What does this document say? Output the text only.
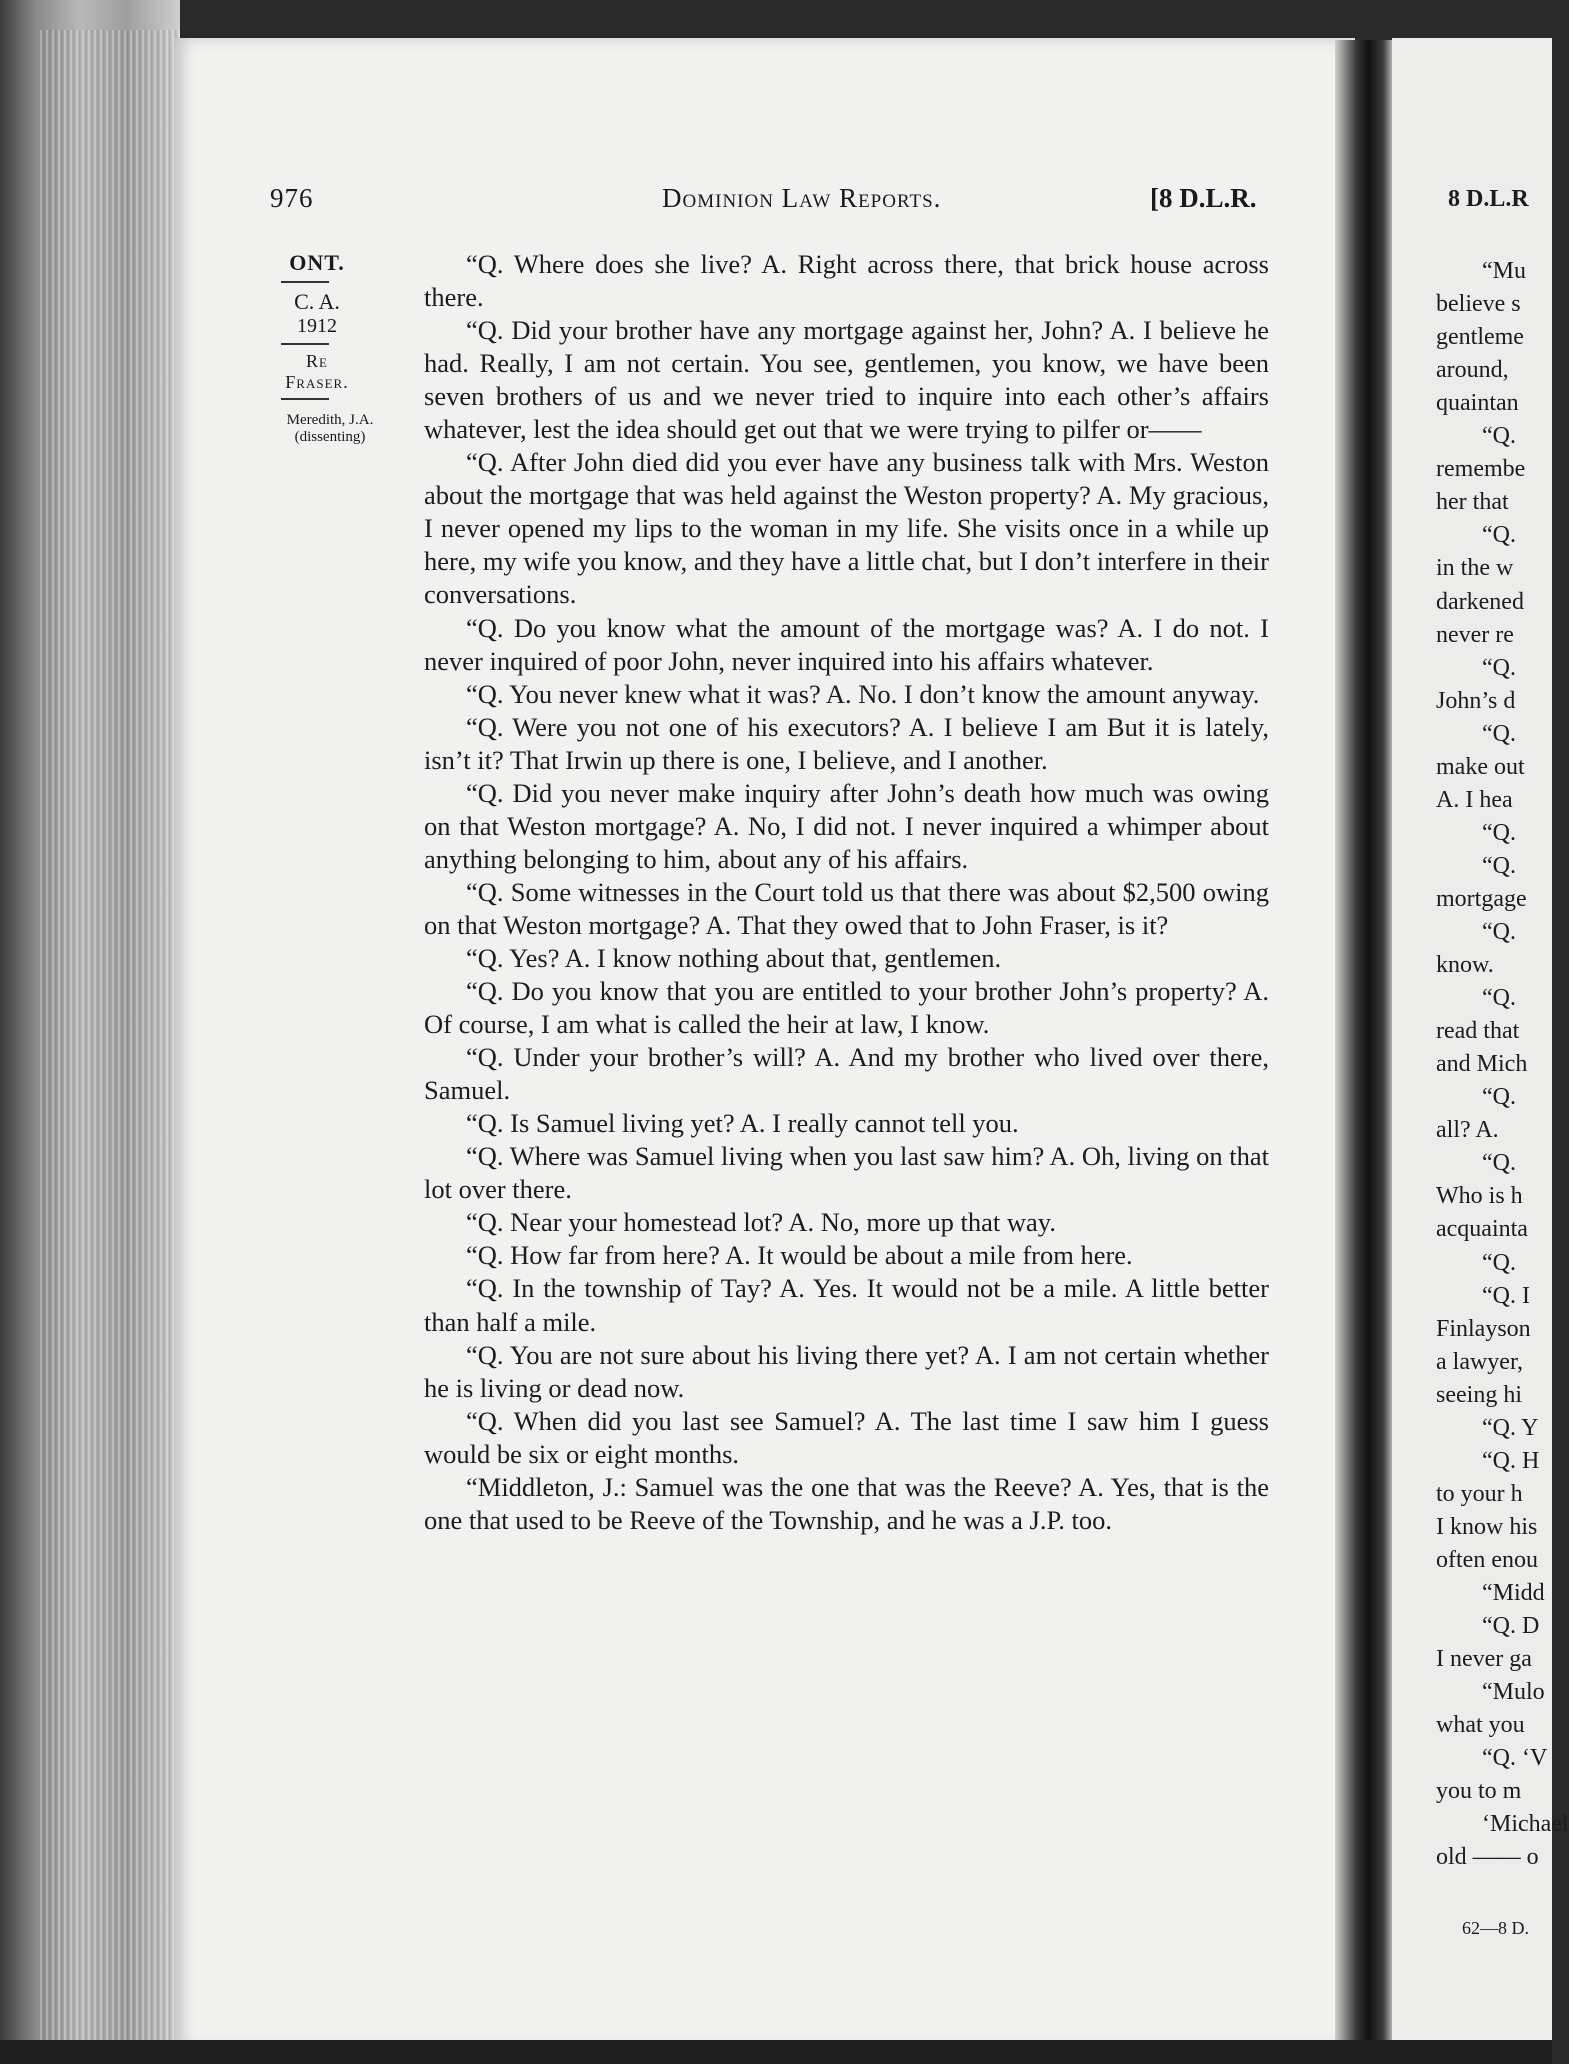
976	Dominion Law Reports.	[8 D.L.R.
ONT.
C. A.
1912
Re
Fraser.
Meredith, J.A.
(dissenting)

“Q. Where does she live? A. Right across there, that brick house across there.

“Q. Did your brother have any mortgage against her, John? A. I believe he had. Really, I am not certain. You see, gentlemen, you know, we have been seven brothers of us and we never tried to inquire into each other’s affairs whatever, lest the idea should get out that we were trying to pilfer or——

“Q. After John died did you ever have any business talk with Mrs. Weston about the mortgage that was held against the Weston property? A. My gracious, I never opened my lips to the woman in my life. She visits once in a while up here, my wife you know, and they have a little chat, but I don’t interfere in their conversations.

“Q. Do you know what the amount of the mortgage was? A. I do not. I never inquired of poor John, never inquired into his affairs whatever.

“Q. You never knew what it was? A. No. I don’t know the amount anyway.

“Q. Were you not one of his executors? A. I believe I am But it is lately, isn’t it? That Irwin up there is one, I believe, and I another.

“Q. Did you never make inquiry after John’s death how much was owing on that Weston mortgage? A. No, I did not. I never inquired a whimper about anything belonging to him, about any of his affairs.

“Q. Some witnesses in the Court told us that there was about $2,500 owing on that Weston mortgage? A. That they owed that to John Fraser, is it?

“Q. Yes? A. I know nothing about that, gentlemen.

“Q. Do you know that you are entitled to your brother John’s property? A. Of course, I am what is called the heir at law, I know.

“Q. Under your brother’s will? A. And my brother who lived over there, Samuel.

“Q. Is Samuel living yet? A. I really cannot tell you.

“Q. Where was Samuel living when you last saw him? A. Oh, living on that lot over there.

“Q. Near your homestead lot? A. No, more up that way.

“Q. How far from here? A. It would be about a mile from here.

“Q. In the township of Tay? A. Yes. It would not be a mile. A little better than half a mile.

“Q. You are not sure about his living there yet? A. I am not certain whether he is living or dead now.

“Q. When did you last see Samuel? A. The last time I saw him I guess would be six or eight months.

“Middleton, J.: Samuel was the one that was the Reeve? A. Yes, that is the one that used to be Reeve of the Township, and he was a J.P. too.

8 D.L.R
“Mu
believe s
gentleme
around,
quaintan
“Q.
remembe
her that
“Q.
in the w
darkened
never re
“Q.
John’s d
“Q.
make out
A. I hea
“Q.
“Q.
mortgage
“Q.
know.
“Q.
read that
and Mich
“Q.
all? A.
“Q.
Who is h
acquainta
“Q.
“Q. I
Finlayson
a lawyer,
seeing hi
“Q. Y
“Q. H
to your h
I know his
often enou
“Midd
“Q. D
I never ga
“Mulo
what you
“Q. ‘V
you to m
‘Michael
old —— o
62—8 D.
